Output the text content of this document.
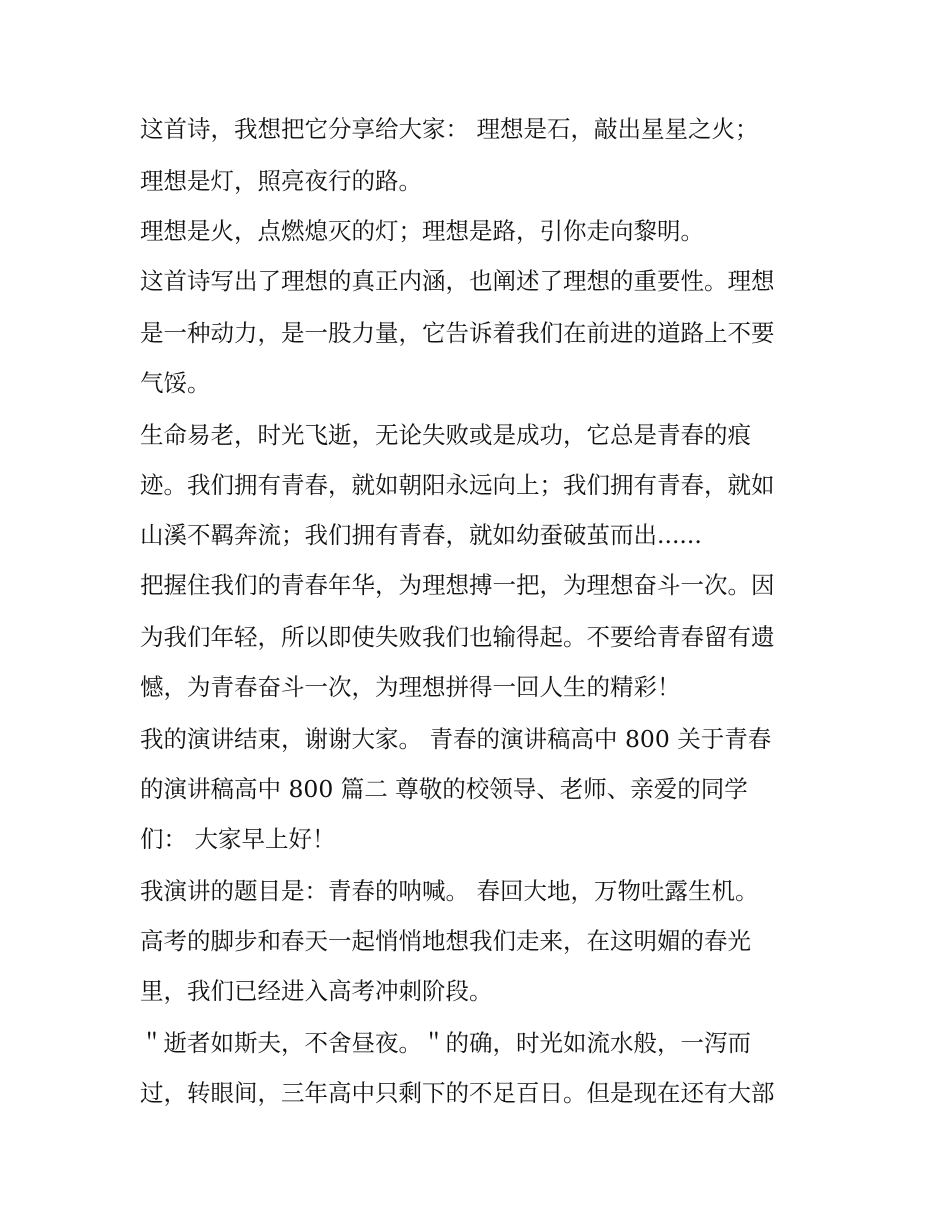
这首诗，我想把它分享给大家： 理想是石，敲出星星之火；
理想是灯，照亮夜行的路。
理想是火，点燃熄灭的灯；理想是路，引你走向黎明。
这首诗写出了理想的真正内涵，也阐述了理想的重要性。理想
是一种动力，是一股力量，它告诉着我们在前进的道路上不要
气馁。
生命易老，时光飞逝，无论失败或是成功，它总是青春的痕
迹。我们拥有青春，就如朝阳永远向上；我们拥有青春，就如
山溪不羁奔流；我们拥有青春，就如幼蚕破茧而出......
把握住我们的青春年华，为理想搏一把，为理想奋斗一次。因
为我们年轻，所以即使失败我们也输得起。不要给青春留有遗
憾，为青春奋斗一次，为理想拼得一回人生的精彩！
我的演讲结束，谢谢大家。 青春的演讲稿高中 800 关于青春
的演讲稿高中 800 篇二 尊敬的校领导、老师、亲爱的同学
们： 大家早上好！
我演讲的题目是：青春的呐喊。 春回大地，万物吐露生机。
高考的脚步和春天一起悄悄地想我们走来，在这明媚的春光
里，我们已经进入高考冲刺阶段。
＂逝者如斯夫，不舍昼夜。＂的确，时光如流水般，一泻而
过，转眼间，三年高中只剩下的不足百日。但是现在还有大部
